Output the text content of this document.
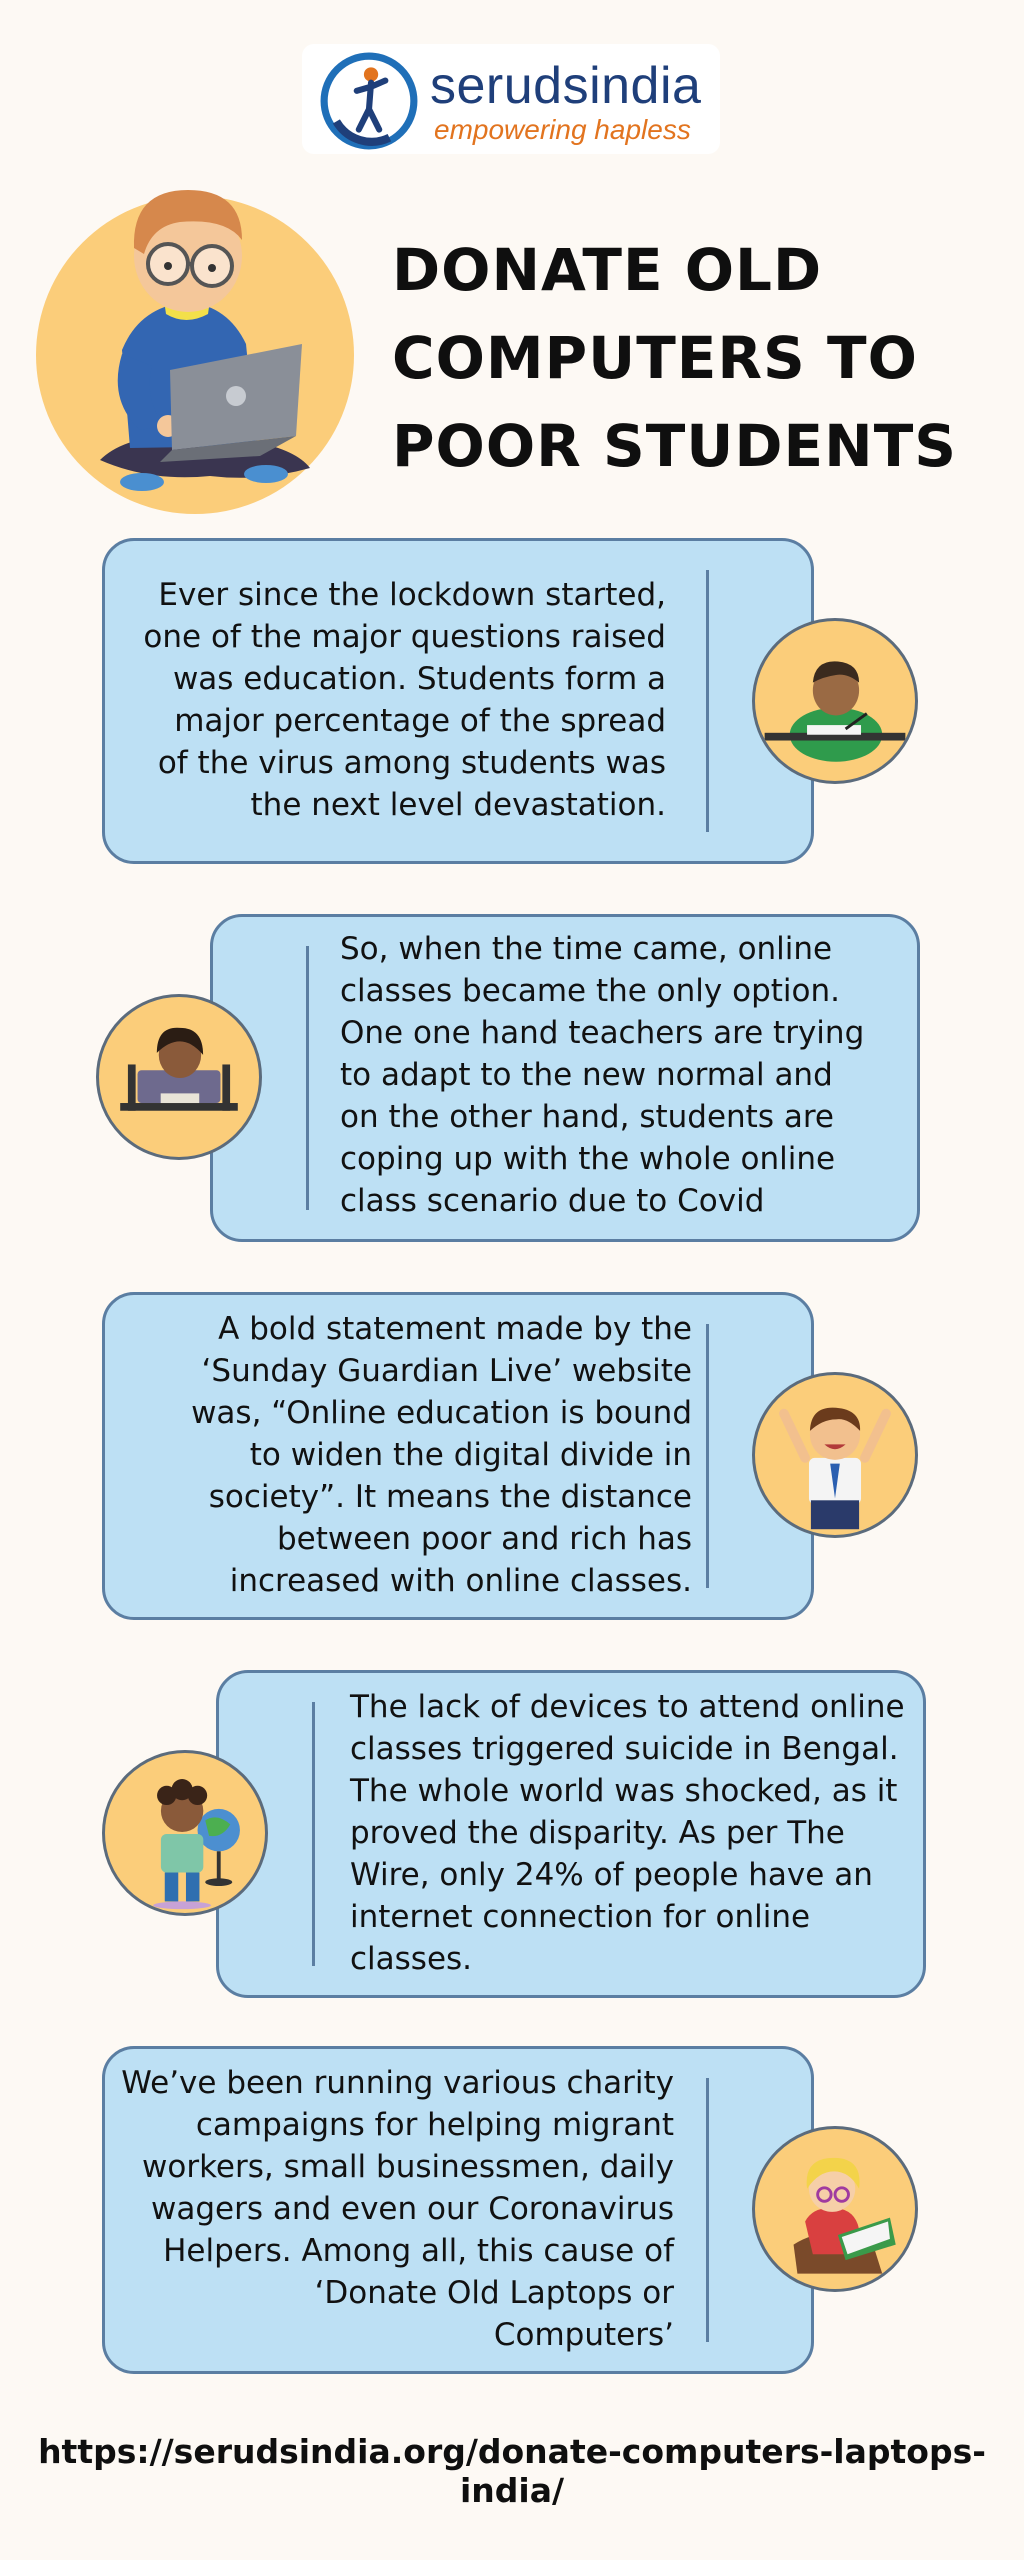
serudsindia
empowering hapless
DONATE OLD
COMPUTERS TO
POOR STUDENTS
Ever since the lockdown started,
one of the major questions raised
was education. Students form a
major percentage of the spread
of the virus among students was
the next level devastation.
So, when the time came, online
classes became the only option.
One one hand teachers are trying
to adapt to the new normal and
on the other hand, students are
coping up with the whole online
class scenario due to Covid
A bold statement made by the
‘Sunday Guardian Live’ website
was, “Online education is bound
to widen the digital divide in
society”. It means the distance
between poor and rich has
increased with online classes.
The lack of devices to attend online
classes triggered suicide in Bengal.
The whole world was shocked, as it
proved the disparity. As per The
Wire, only 24% of people have an
internet connection for online
classes.
We’ve been running various charity
campaigns for helping migrant
workers, small businessmen, daily
wagers and even our Coronavirus
Helpers. Among all, this cause of
‘Donate Old Laptops or
Computers’
https://serudsindia.org/donate-computers-laptops-india/
